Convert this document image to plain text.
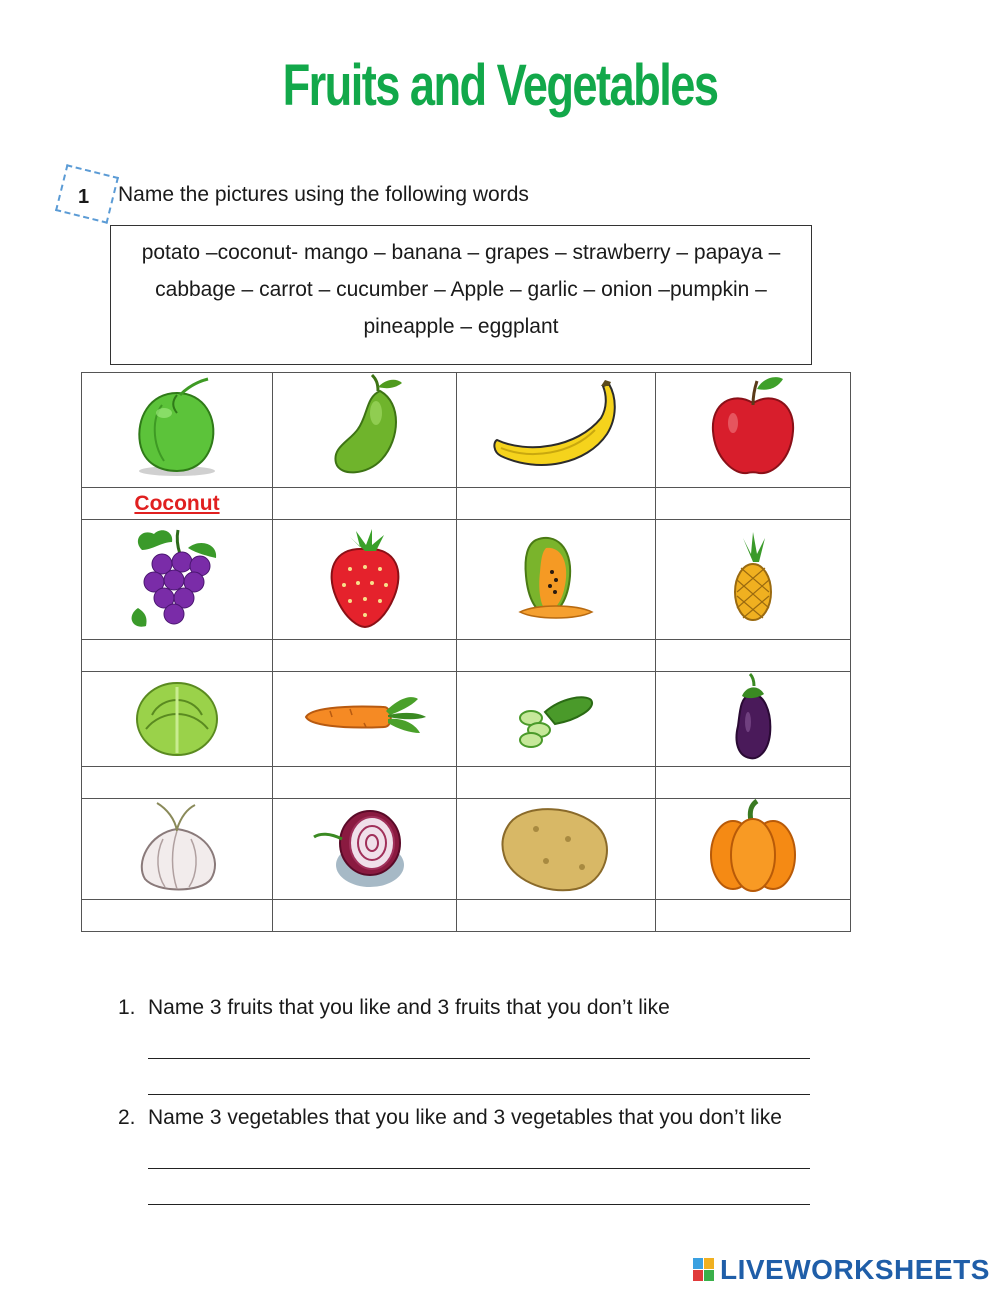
Fruits and Vegetables
1 Name the pictures using the following words
potato –coconut- mango – banana – grapes – strawberry – papaya – cabbage – carrot – cucumber – Apple – garlic – onion –pumpkin – pineapple – eggplant

Coconut			

1. Name 3 fruits that you like and 3 fruits that you don’t like
2. Name 3 vegetables that you like and 3 vegetables that you don’t like
LIVEWORKSHEETS
